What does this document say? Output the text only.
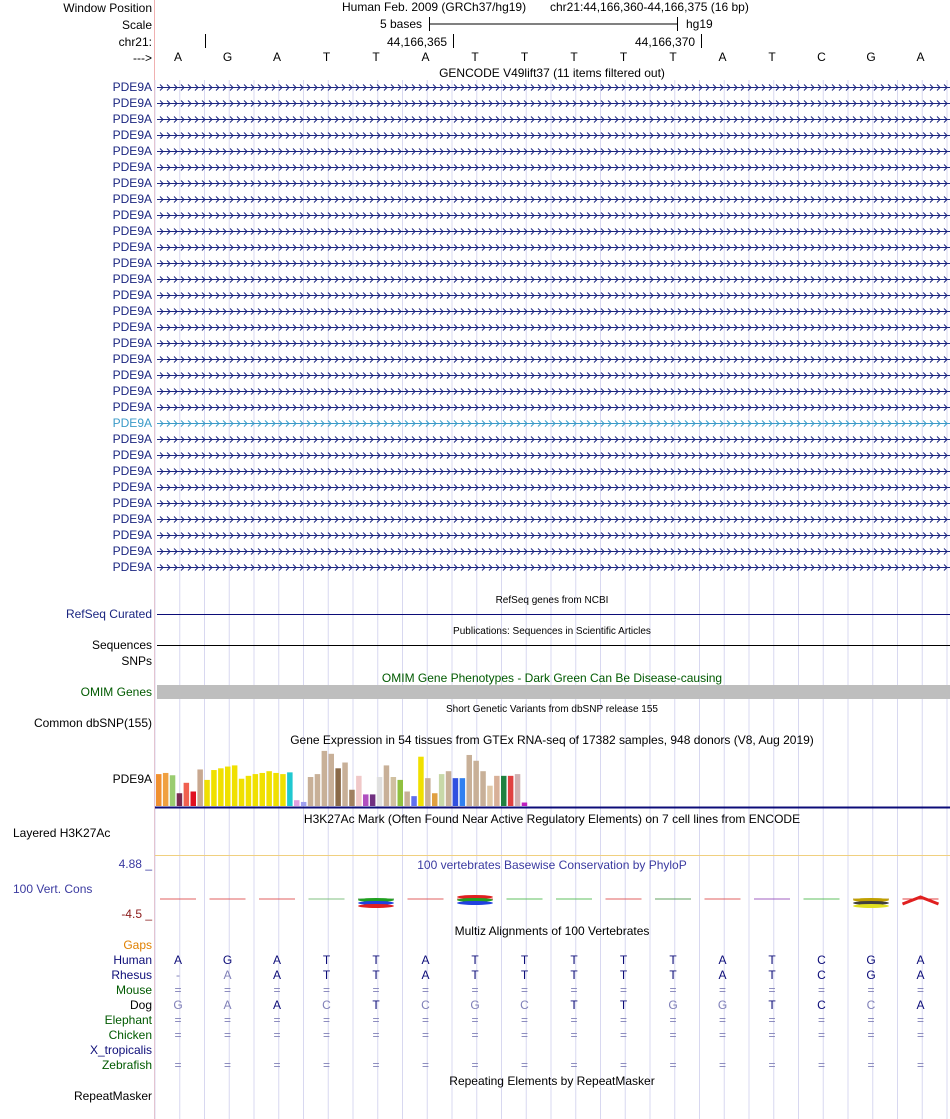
Window Position
Scale
chr21:
--->
Human Feb. 2009 (GRCh37/hg19) chr21:44,166,360-44,166,375 (16 bp)
5 bases	hg19
44,166,365	44,166,370
A	G	A	T	T	A	T	T	T	T	T	A	T	C	G	A
GENCODE V49lift37 (11 items filtered out)
PDE9A
PDE9A
PDE9A
PDE9A
PDE9A
PDE9A
PDE9A
PDE9A
PDE9A
PDE9A
PDE9A
PDE9A
PDE9A
PDE9A
PDE9A
PDE9A
PDE9A
PDE9A
PDE9A
PDE9A
PDE9A
PDE9A
PDE9A
PDE9A
PDE9A
PDE9A
PDE9A
PDE9A
PDE9A
PDE9A
PDE9A
RefSeq genes from NCBI
RefSeq Curated
Publications: Sequences in Scientific Articles
Sequences
SNPs
OMIM Gene Phenotypes - Dark Green Can Be Disease-causing
OMIM Genes
Short Genetic Variants from dbSNP release 155
Common dbSNP(155)
Gene Expression in 54 tissues from GTEx RNA-seq of 17382 samples, 948 donors (V8, Aug 2019)
PDE9A
H3K27Ac Mark (Often Found Near Active Regulatory Elements) on 7 cell lines from ENCODE
Layered H3K27Ac
100 vertebrates Basewise Conservation by PhyloP
4.88 _
100 Vert. Cons
-4.5 _
Multiz Alignments of 100 Vertebrates
Gaps
Human A	G	A	T	T	A	T	T	T	T	T	A	T	C	G	A
Rhesus -	A	A	T	T	A	T	T	T	T	T	A	T	C	G	A
Mouse =	=	=	=	=	=	=	=	=	=	=	=	=	=	=	=
Dog G	A	A	C	T	C	G	C	T	T	G	G	T	C	C	A
Elephant =	=	=	=	=	=	=	=	=	=	=	=	=	=	=	=
Chicken =	=	=	=	=	=	=	=	=	=	=	=	=	=	=	=
X_tropicalis
Zebrafish =	=	=	=	=	=	=	=	=	=	=	=	=	=	=	=
Repeating Elements by RepeatMasker
RepeatMasker
